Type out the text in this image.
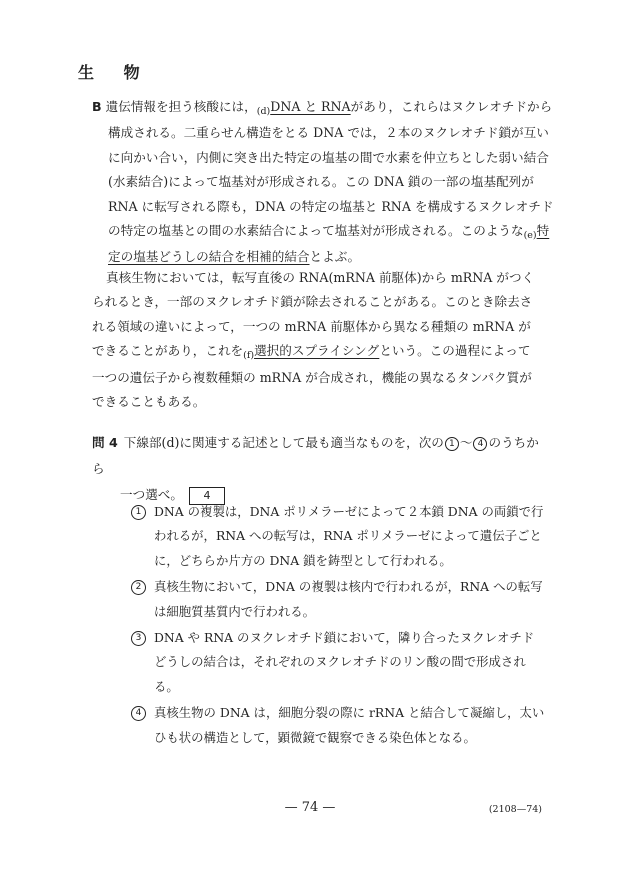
生 物
B 遺伝情報を担う核酸には，$_{(d)}$DNA と RNAがあり，これらはヌクレオチドから構成される。二重らせん構造をとる DNA では，２本のヌクレオチド鎖が互いに向かい合い，内側に突き出た特定の塩基の間で水素を仲立ちとした弱い結合(水素結合)によって塩基対が形成される。この DNA 鎖の一部の塩基配列が RNA に転写される際も，DNA の特定の塩基と RNA を構成するヌクレオチドの特定の塩基との間の水素結合によって塩基対が形成される。このような$_{(e)}$特定の塩基どうしの結合を相補的結合とよぶ。
真核生物においては，転写直後の RNA(mRNA 前駆体)から mRNA がつくられるとき，一部のヌクレオチド鎖が除去されることがある。このとき除去される領域の違いによって，一つの mRNA 前駆体から異なる種類の mRNA ができることがあり，これを$_{(f)}$選択的スプライシングという。この過程によって一つの遺伝子から複数種類の mRNA が合成され，機能の異なるタンパク質ができることもある。
問 4 下線部(d)に関連する記述として最も適当なものを，次の 1 ～ 4 のうちから
一つ選べ。 4
1	DNA の複製は，DNA ポリメラーゼによって２本鎖 DNA の両鎖で行われるが，RNA への転写は，RNA ポリメラーゼによって遺伝子ごとに，どちらか片方の DNA 鎖を鋳型として行われる。
2	真核生物において，DNA の複製は核内で行われるが，RNA への転写は細胞質基質内で行われる。
3	DNA や RNA のヌクレオチド鎖において，隣り合ったヌクレオチドどうしの結合は，それぞれのヌクレオチドのリン酸の間で形成される。
4	真核生物の DNA は，細胞分裂の際に rRNA と結合して凝縮し，太いひも状の構造として，顕微鏡で観察できる染色体となる。
— 74 —	(2108—74)
